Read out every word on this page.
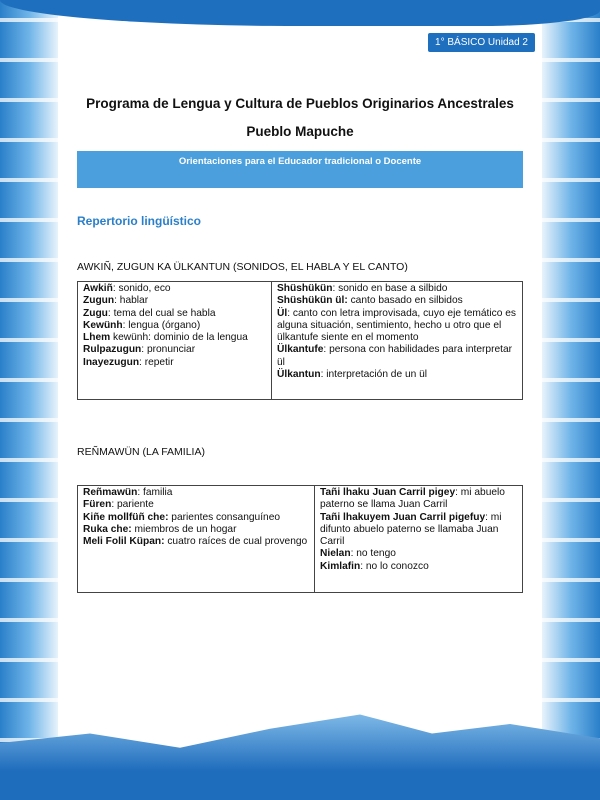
1° BÁSICO Unidad 2
Programa de Lengua y Cultura de Pueblos Originarios Ancestrales
Pueblo Mapuche
Orientaciones para el Educador tradicional o Docente
Repertorio lingüístico
AWKIÑ, ZUGUN KA ÜLKANTUN (SONIDOS, EL HABLA Y EL CANTO)
Awkiñ: sonido, eco
Zugun: hablar
Zugu: tema del cual se habla
Kewünh: lengua (órgano)
Lhem kewünh: dominio de la lengua
Rulpazugun: pronunciar
Inayezugun: repetir

Shüshükün: sonido en base a silbido
Shüshükün ül: canto basado en silbidos
Ül: canto con letra improvisada, cuyo eje temático es alguna situación, sentimiento, hecho u otro que el ülkantufe siente en el momento
Ülkantufe: persona con habilidades para interpretar ül
Ülkantun: interpretación de un ül
REÑMAWÜN (LA FAMILIA)
Reñmawün: familia
Füren: pariente
Kiñe mollfüñ che: parientes consanguíneo
Ruka che: miembros de un hogar
Meli Folil Küpan: cuatro raíces de cual provengo

Tañi lhaku Juan Carril pigey: mi abuelo paterno se llama Juan Carril
Tañi lhakuyem Juan Carril pigefuy: mi difunto abuelo paterno se llamaba Juan Carril
Nielan: no tengo
Kimlafin: no lo conozco
